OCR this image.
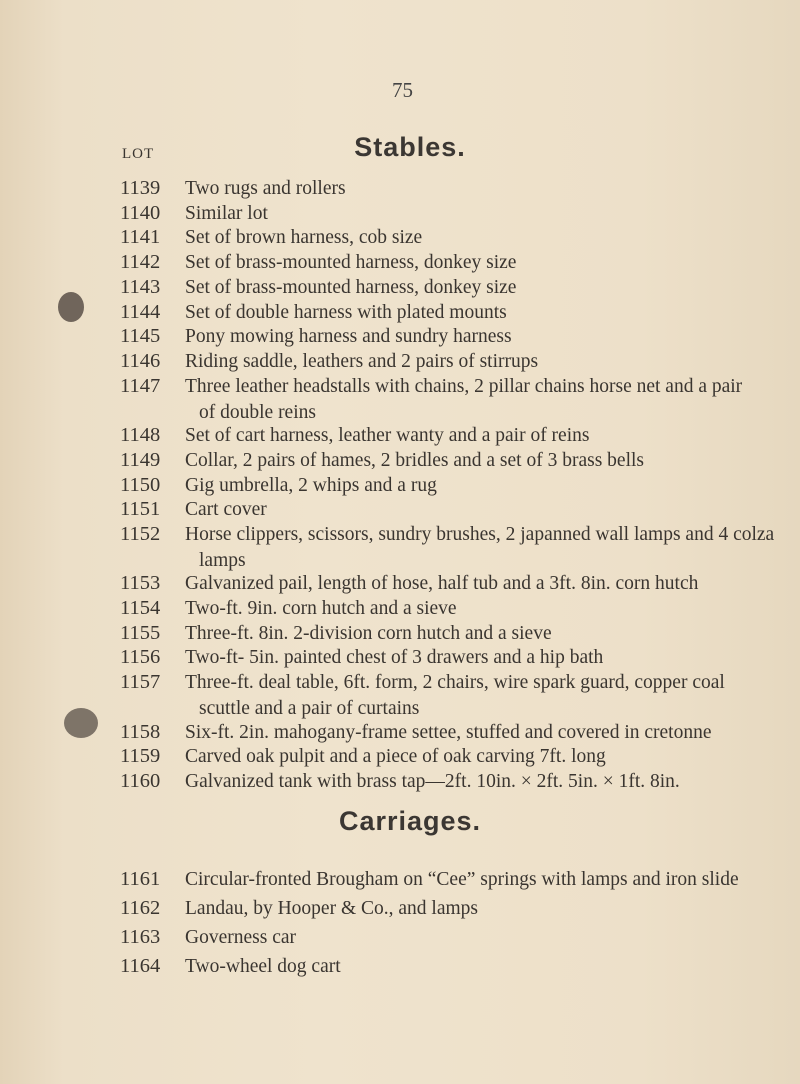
75
Stables.
LOT
1139 Two rugs and rollers
1140 Similar lot
1141 Set of brown harness, cob size
1142 Set of brass-mounted harness, donkey size
1143 Set of brass-mounted harness, donkey size
1144 Set of double harness with plated mounts
1145 Pony mowing harness and sundry harness
1146 Riding saddle, leathers and 2 pairs of stirrups
1147 Three leather headstalls with chains, 2 pillar chains horse net and a pair
of double reins
1148 Set of cart harness, leather wanty and a pair of reins
1149 Collar, 2 pairs of hames, 2 bridles and a set of 3 brass bells
1150 Gig umbrella, 2 whips and a rug
1151 Cart cover
1152 Horse clippers, scissors, sundry brushes, 2 japanned wall lamps and 4 colza
lamps
1153 Galvanized pail, length of hose, half tub and a 3ft. 8in. corn hutch
1154 Two-ft. 9in. corn hutch and a sieve
1155 Three-ft. 8in. 2-division corn hutch and a sieve
1156 Two-ft- 5in. painted chest of 3 drawers and a hip bath
1157 Three-ft. deal table, 6ft. form, 2 chairs, wire spark guard, copper coal
scuttle and a pair of curtains
1158 Six-ft. 2in. mahogany-frame settee, stuffed and covered in cretonne
1159 Carved oak pulpit and a piece of oak carving 7ft. long
1160 Galvanized tank with brass tap—2ft. 10in. × 2ft. 5in. × 1ft. 8in.
Carriages.
1161 Circular-fronted Brougham on “Cee” springs with lamps and iron slide
1162 Landau, by Hooper & Co., and lamps
1163 Governess car
1164 Two-wheel dog cart
